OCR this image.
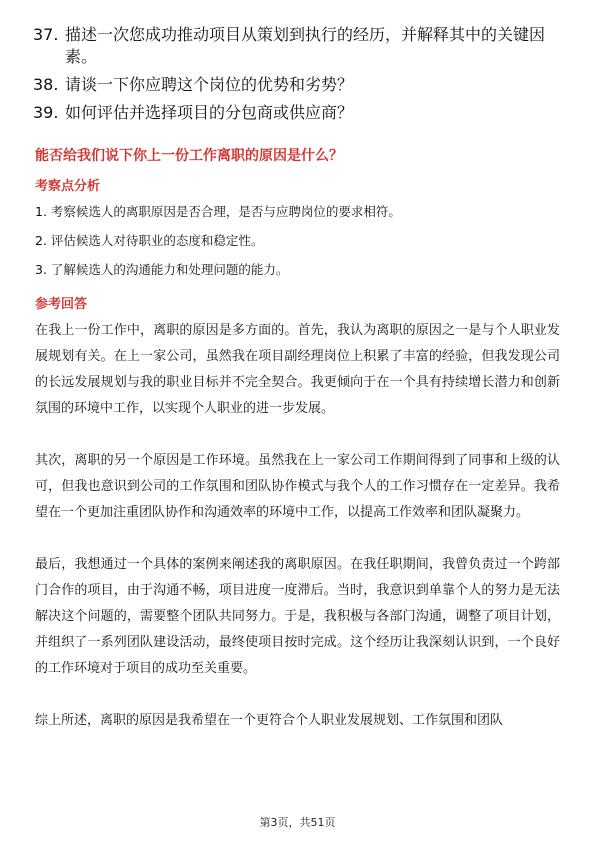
37. 描述一次您成功推动项目从策划到执行的经历，并解释其中的关键因素。
38. 请谈一下你应聘这个岗位的优势和劣势？
39. 如何评估并选择项目的分包商或供应商？
能否给我们说下你上一份工作离职的原因是什么？
考察点分析
1. 考察候选人的离职原因是否合理，是否与应聘岗位的要求相符。
2. 评估候选人对待职业的态度和稳定性。
3. 了解候选人的沟通能力和处理问题的能力。
参考回答

在我上一份工作中，离职的原因是多方面的。首先，我认为离职的原因之一是与个人职业发展规划有关。在上一家公司，虽然我在项目副经理岗位上积累了丰富的经验，但我发现公司的长远发展规划与我的职业目标并不完全契合。我更倾向于在一个具有持续增长潜力和创新氛围的环境中工作，以实现个人职业的进一步发展。

其次，离职的另一个原因是工作环境。虽然我在上一家公司工作期间得到了同事和上级的认可，但我也意识到公司的工作氛围和团队协作模式与我个人的工作习惯存在一定差异。我希望在一个更加注重团队协作和沟通效率的环境中工作，以提高工作效率和团队凝聚力。

最后，我想通过一个具体的案例来阐述我的离职原因。在我任职期间，我曾负责过一个跨部门合作的项目，由于沟通不畅，项目进度一度滞后。当时，我意识到单靠个人的努力是无法解决这个问题的，需要整个团队共同努力。于是，我积极与各部门沟通，调整了项目计划，并组织了一系列团队建设活动，最终使项目按时完成。这个经历让我深刻认识到，一个良好的工作环境对于项目的成功至关重要。

综上所述，离职的原因是我希望在一个更符合个人职业发展规划、工作氛围和团队

第3页，共51页
